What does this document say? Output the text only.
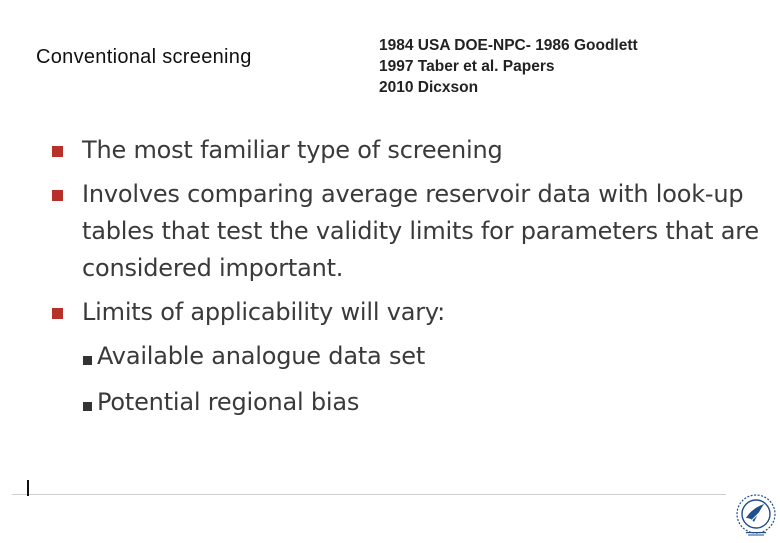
Conventional screening
1984 USA DOE-NPC- 1986 Goodlett
1997 Taber et al. Papers
2010 Dicxson
The most familiar type of screening
Involves comparing average reservoir data with look-up tables that test the validity limits for parameters that are considered important.
Limits of applicability will vary:
Available analogue data set
Potential regional bias
